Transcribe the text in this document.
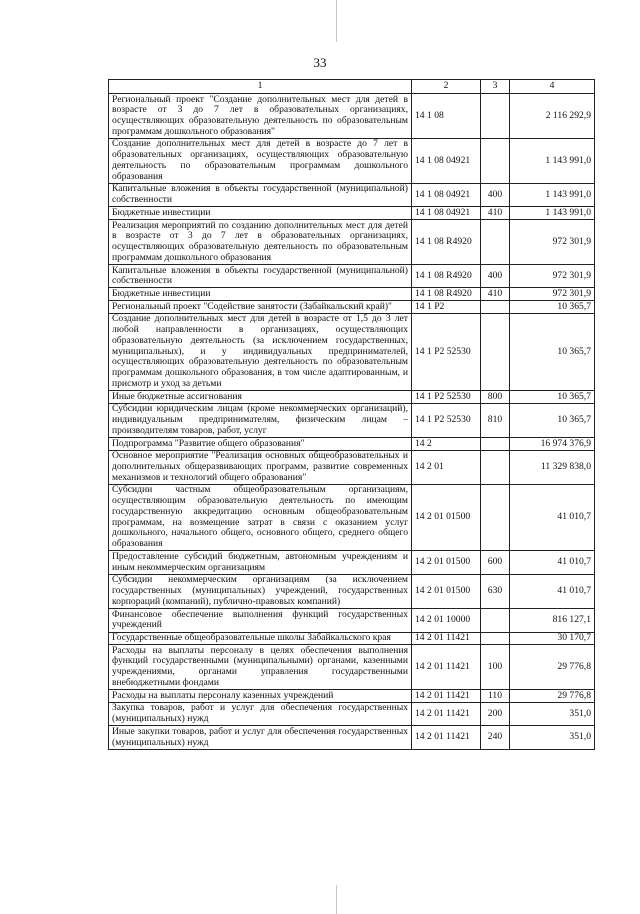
33
1	2	3	4
Региональный проект "Создание дополнительных мест для детей в возрасте от 3 до 7 лет в образовательных организациях, осуществляющих образовательную деятельность по образовательным программам дошкольного образования"	14 1 08		2 116 292,9
Создание дополнительных мест для детей в возрасте до 7 лет в образовательных организациях, осуществляющих образовательную деятельность по образовательным программам дошкольного образования	14 1 08 04921		1 143 991,0
Капитальные вложения в объекты государственной (муниципальной) собственности	14 1 08 04921	400	1 143 991,0
Бюджетные инвестиции	14 1 08 04921	410	1 143 991,0
Реализация мероприятий по созданию дополнительных мест для детей в возрасте от 3 до 7 лет в образовательных организациях, осуществляющих образовательную деятельность по образовательным программам дошкольного образования	14 1 08 R4920		972 301,9
Капитальные вложения в объекты государственной (муниципальной) собственности	14 1 08 R4920	400	972 301,9
Бюджетные инвестиции	14 1 08 R4920	410	972 301,9
Региональный проект "Содействие занятости (Забайкальский край)"	14 1 P2		10 365,7
Создание дополнительных мест для детей в возрасте от 1,5 до 3 лет любой направленности в организациях, осуществляющих образовательную деятельность (за исключением государственных, муниципальных), и у индивидуальных предпринимателей, осуществляющих образовательную деятельность по образовательным программам дошкольного образования, в том числе адаптированным, и присмотр и уход за детьми	14 1 P2 52530		10 365,7
Иные бюджетные ассигнования	14 1 P2 52530	800	10 365,7
Субсидии юридическим лицам (кроме некоммерческих организаций), индивидуальным предпринимателям, физическим лицам – производителям товаров, работ, услуг	14 1 P2 52530	810	10 365,7
Подпрограмма "Развитие общего образования"	14 2		16 974 376,9
Основное мероприятие "Реализация основных общеобразовательных и дополнительных общеразвивающих программ, развитие современных механизмов и технологий общего образования"	14 2 01		11 329 838,0
Субсидии частным общеобразовательным организациям, осуществляющим образовательную деятельность по имеющим государственную аккредитацию основным общеобразовательным программам, на возмещение затрат в связи с оказанием услуг дошкольного, начального общего, основного общего, среднего общего образования	14 2 01 01500		41 010,7
Предоставление субсидий бюджетным, автономным учреждениям и иным некоммерческим организациям	14 2 01 01500	600	41 010,7
Субсидии некоммерческим организациям (за исключением государственных (муниципальных) учреждений, государственных корпораций (компаний), публично-правовых компаний)	14 2 01 01500	630	41 010,7
Финансовое обеспечение выполнения функций государственных учреждений	14 2 01 10000		816 127,1
Государственные общеобразовательные школы Забайкальского края	14 2 01 11421		30 170,7
Расходы на выплаты персоналу в целях обеспечения выполнения функций государственными (муниципальными) органами, казенными учреждениями, органами управления государственными внебюджетными фондами	14 2 01 11421	100	29 776,8
Расходы на выплаты персоналу казенных учреждений	14 2 01 11421	110	29 776,8
Закупка товаров, работ и услуг для обеспечения государственных (муниципальных) нужд	14 2 01 11421	200	351,0
Иные закупки товаров, работ и услуг для обеспечения государственных (муниципальных) нужд	14 2 01 11421	240	351,0
